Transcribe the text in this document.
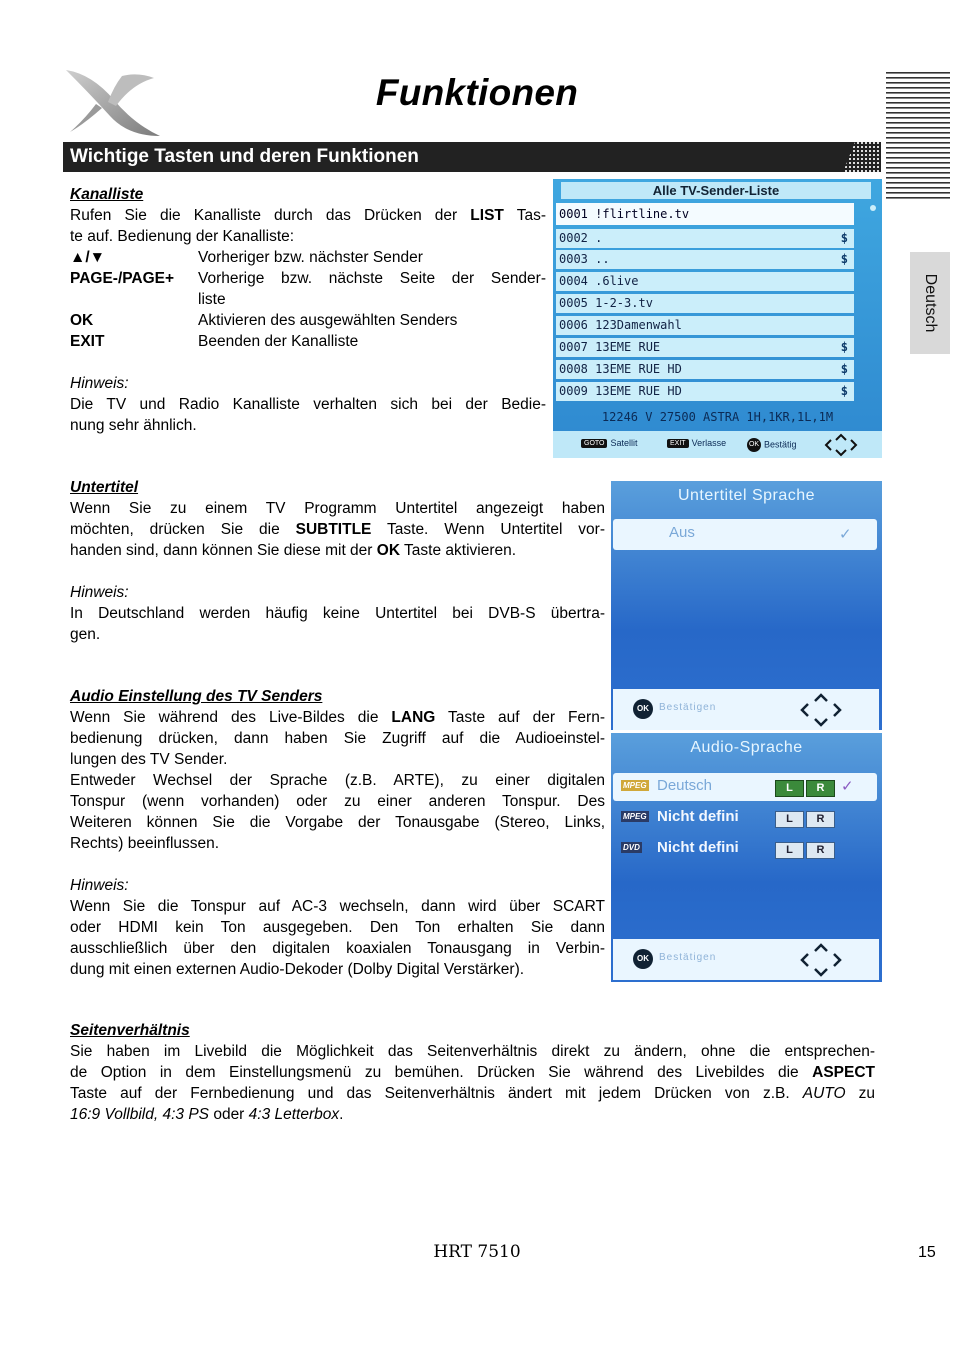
Funktionen
Deutsch
Wichtige Tasten und deren Funktionen
Kanalliste
Rufen Sie die Kanalliste durch das Drücken der LIST Tas-
te auf. Bedienung der Kanalliste:
▲/▼	Vorheriger bzw. nächster Sender
PAGE-/PAGE+ Vorherige bzw. nächste Seite der Sender-
liste
OK	Aktivieren des ausgewählten Senders
EXIT	Beenden der Kanalliste
Hinweis:
Die TV und Radio Kanalliste verhalten sich bei der Bedie-
nung sehr ähnlich.
Alle TV-Sender-Liste
0001 !flirtline.tv
0002 .	$
0003 ..	$
0004 .6live
0005 1-2-3.tv
0006 123Damenwahl
0007 13EME RUE	$
0008 13EME RUE HD	$
0009 13EME RUE HD	$
12246 V 27500 ASTRA 1H,1KR,1L,1M
GOTO Satellit	EXIT Verlasse	OK Bestätig
Untertitel
Wenn Sie zu einem TV Programm Untertitel angezeigt haben
möchten, drücken Sie die SUBTITLE Taste. Wenn Untertitel vor-
handen sind, dann können Sie diese mit der OK Taste aktivieren.
Hinweis:
In Deutschland werden häufig keine Untertitel bei DVB-S übertra-
gen.
Untertitel Sprache
Aus	✓
OK	Bestätigen
Audio Einstellung des TV Senders
Wenn Sie während des Live-Bildes die LANG Taste auf der Fern-
bedienung drücken, dann haben Sie Zugriff auf die Audioeinstel-
lungen des TV Sender.
Entweder Wechsel der Sprache (z.B. ARTE), zu einer digitalen
Tonspur (wenn vorhanden) oder zu einer anderen Tonspur. Des
Weiteren können Sie die Vorgabe der Tonausgabe (Stereo, Links,
Rechts) beeinflussen.
Hinweis:
Wenn Sie die Tonspur auf AC-3 wechseln, dann wird über SCART
oder HDMI kein Ton ausgegeben. Den Ton erhalten Sie dann
ausschließlich über den digitalen koaxialen Tonausgang in Verbin-
dung mit einen externen Audio-Dekoder (Dolby Digital Verstärker).
Audio-Sprache
MPEG Deutsch	L	R	✓
MPEG Nicht defini	L	R
DVD Nicht defini	L	R
OK	Bestätigen
Seitenverhältnis
Sie haben im Livebild die Möglichkeit das Seitenverhältnis direkt zu ändern, ohne die entsprechen-
de Option in dem Einstellungsmenü zu bemühen. Drücken Sie während des Livebildes die ASPECT
Taste auf der Fernbedienung und das Seitenverhältnis ändert mit jedem Drücken von z.B. AUTO zu
16:9 Vollbild, 4:3 PS oder 4:3 Letterbox.
HRT 7510	15
